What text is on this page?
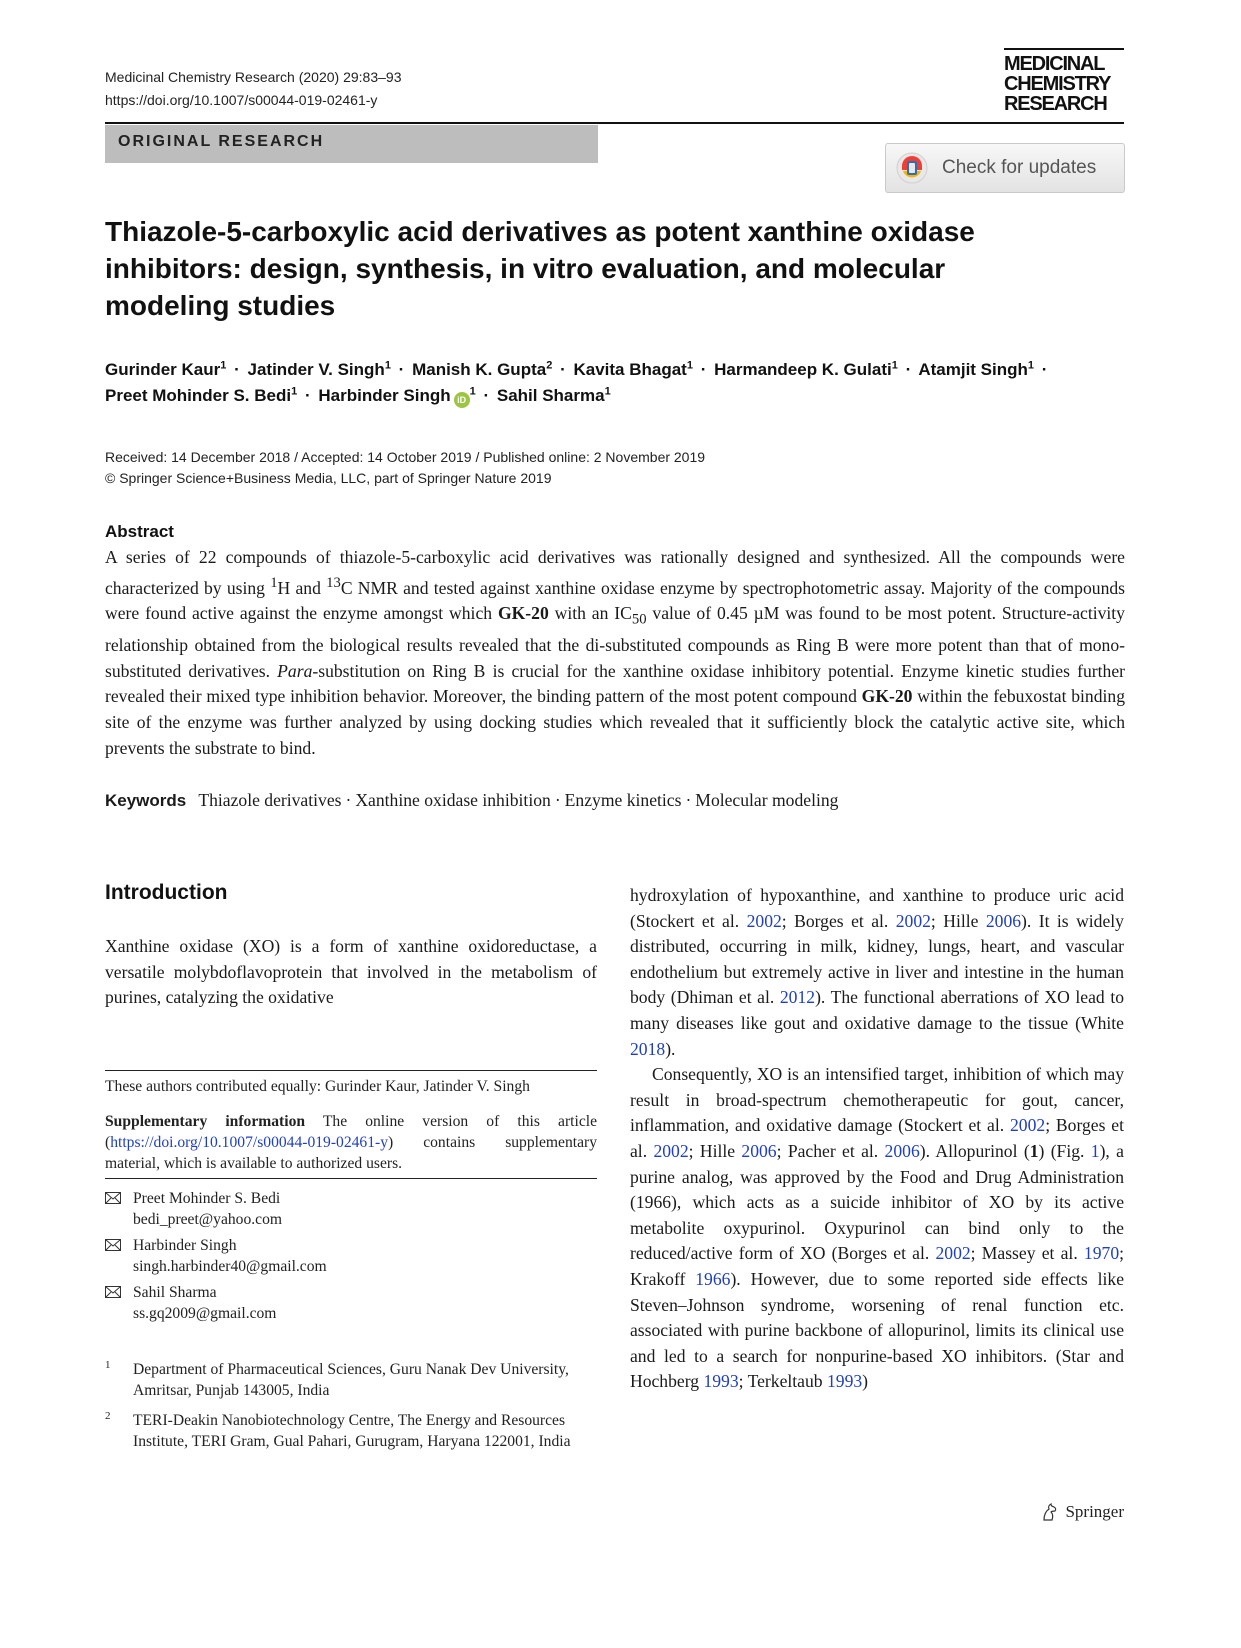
Medicinal Chemistry Research (2020) 29:83–93
https://doi.org/10.1007/s00044-019-02461-y
MEDICINAL
CHEMISTRY
RESEARCH
ORIGINAL RESEARCH
Check for updates
Thiazole-5-carboxylic acid derivatives as potent xanthine oxidase inhibitors: design, synthesis, in vitro evaluation, and molecular modeling studies
Gurinder Kaur$^1$ · Jatinder V. Singh$^1$ · Manish K. Gupta$^2$ · Kavita Bhagat$^1$ · Harmandeep K. Gulati$^1$ · Atamjit Singh$^1$ ·
Preet Mohinder S. Bedi$^1$ · Harbinder Singh $iD^1$ · Sahil Sharma$^1$
Received: 14 December 2018 / Accepted: 14 October 2019 / Published online: 2 November 2019
© Springer Science+Business Media, LLC, part of Springer Nature 2019
Abstract

A series of 22 compounds of thiazole-5-carboxylic acid derivatives was rationally designed and synthesized. All the compounds were characterized by using $^1$H and $^{13}$C NMR and tested against xanthine oxidase enzyme by spectrophotometric assay. Majority of the compounds were found active against the enzyme amongst which GK-20 with an $IC_{50}$ value of 0.45 µM was found to be most potent. Structure-activity relationship obtained from the biological results revealed that the di-substituted compounds as Ring B were more potent than that of mono-substituted derivatives. Para-substitution on Ring B is crucial for the xanthine oxidase inhibitory potential. Enzyme kinetic studies further revealed their mixed type inhibition behavior. Moreover, the binding pattern of the most potent compound GK-20 within the febuxostat binding site of the enzyme was further analyzed by using docking studies which revealed that it sufficiently block the catalytic active site, which prevents the substrate to bind.

Keywords Thiazole derivatives · Xanthine oxidase inhibition · Enzyme kinetics · Molecular modeling
Introduction

Xanthine oxidase (XO) is a form of xanthine oxidoreductase, a versatile molybdoflavoprotein that involved in the metabolism of purines, catalyzing the oxidative

These authors contributed equally: Gurinder Kaur, Jatinder V. Singh
Supplementary information The online version of this article (https://doi.org/10.1007/s00044-019-02461-y) contains supplementary material, which is available to authorized users.
Preet Mohinder S. Bedi
bedi_preet@yahoo.com
Harbinder Singh
singh.harbinder40@gmail.com
Sahil Sharma
ss.gq2009@gmail.com
1 Department of Pharmaceutical Sciences, Guru Nanak Dev University, Amritsar, Punjab 143005, India
2 TERI-Deakin Nanobiotechnology Centre, The Energy and Resources Institute, TERI Gram, Gual Pahari, Gurugram, Haryana 122001, India

hydroxylation of hypoxanthine, and xanthine to produce uric acid (Stockert et al. 2002; Borges et al. 2002; Hille 2006). It is widely distributed, occurring in milk, kidney, lungs, heart, and vascular endothelium but extremely active in liver and intestine in the human body (Dhiman et al. 2012). The functional aberrations of XO lead to many diseases like gout and oxidative damage to the tissue (White 2018).

Consequently, XO is an intensified target, inhibition of which may result in broad-spectrum chemotherapeutic for gout, cancer, inflammation, and oxidative damage (Stockert et al. 2002; Borges et al. 2002; Hille 2006; Pacher et al. 2006). Allopurinol (1) (Fig. 1), a purine analog, was approved by the Food and Drug Administration (1966), which acts as a suicide inhibitor of XO by its active metabolite oxypurinol. Oxypurinol can bind only to the reduced/active form of XO (Borges et al. 2002; Massey et al. 1970; Krakoff 1966). However, due to some reported side effects like Steven–Johnson syndrome, worsening of renal function etc. associated with purine backbone of allopurinol, limits its clinical use and led to a search for nonpurine-based XO inhibitors. (Star and Hochberg 1993; Terkeltaub 1993)

Springer
